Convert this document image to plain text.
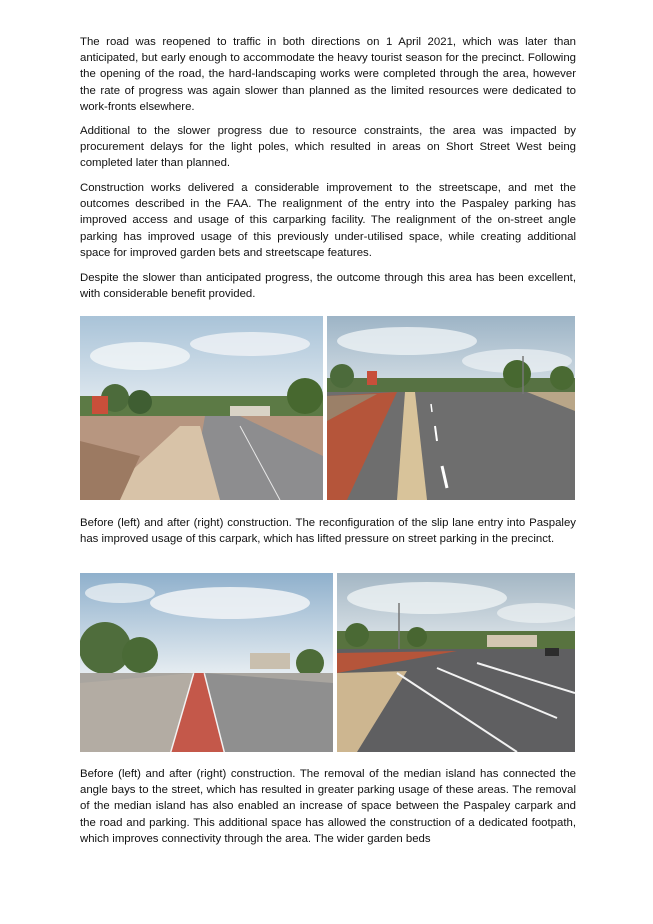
The road was reopened to traffic in both directions on 1 April 2021, which was later than anticipated, but early enough to accommodate the heavy tourist season for the precinct. Following the opening of the road, the hard-landscaping works were completed through the area, however the rate of progress was again slower than planned as the limited resources were dedicated to work-fronts elsewhere.

Additional to the slower progress due to resource constraints, the area was impacted by procurement delays for the light poles, which resulted in areas on Short Street West being completed later than planned.

Construction works delivered a considerable improvement to the streetscape, and met the outcomes described in the FAA. The realignment of the entry into the Paspaley parking has improved access and usage of this carparking facility. The realignment of the on-street angle parking has improved usage of this previously under-utilised space, while creating additional space for improved garden bets and streetscape features.

Despite the slower than anticipated progress, the outcome through this area has been excellent, with considerable benefit provided.

Before (left) and after (right) construction. The reconfiguration of the slip lane entry into Paspaley has improved usage of this carpark, which has lifted pressure on street parking in the precinct.

Before (left) and after (right) construction. The removal of the median island has connected the angle bays to the street, which has resulted in greater parking usage of these areas. The removal of the median island has also enabled an increase of space between the Paspaley carpark and the road and parking. This additional space has allowed the construction of a dedicated footpath, which improves connectivity through the area. The wider garden beds
